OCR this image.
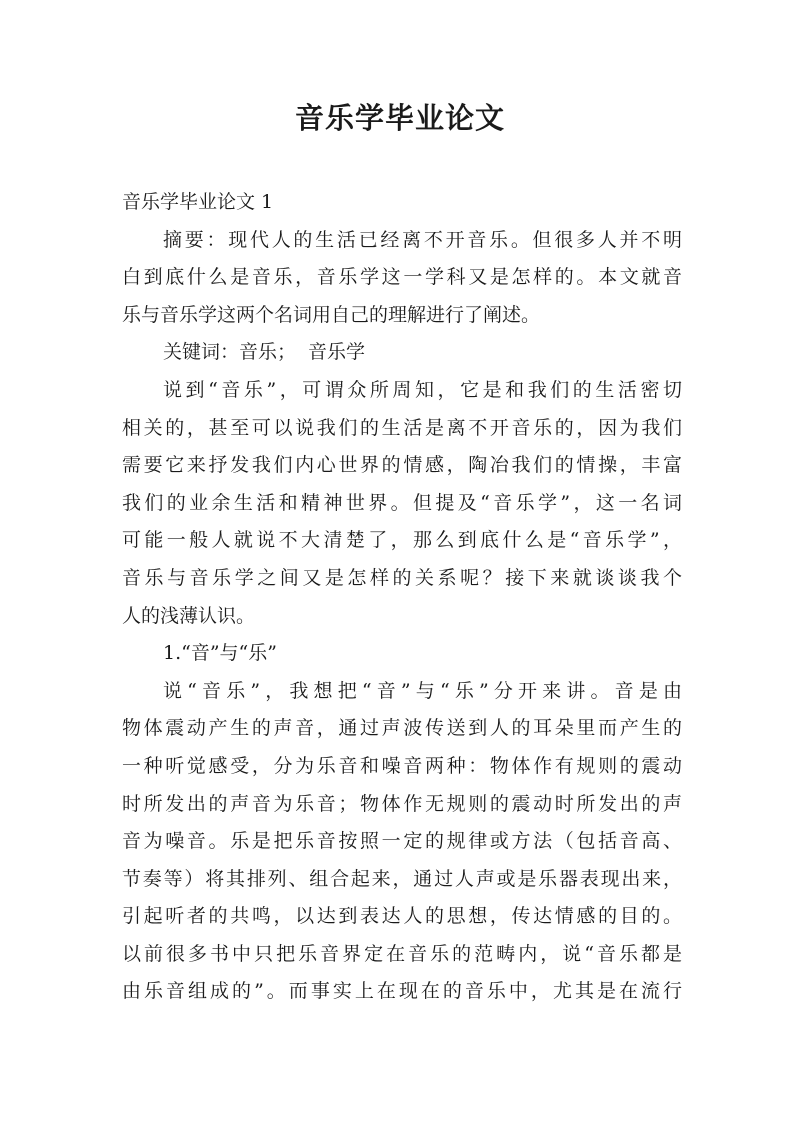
音乐学毕业论文
音乐学毕业论文 1
摘要：现代人的生活已经离不开音乐。但很多人并不明
白到底什么是音乐，音乐学这一学科又是怎样的。本文就音
乐与音乐学这两个名词用自己的理解进行了阐述。
关键词：音乐； 音乐学
说到“音乐”，可谓众所周知，它是和我们的生活密切
相关的，甚至可以说我们的生活是离不开音乐的，因为我们
需要它来抒发我们内心世界的情感，陶冶我们的情操，丰富
我们的业余生活和精神世界。但提及“音乐学”，这一名词
可能一般人就说不大清楚了，那么到底什么是“音乐学”，
音乐与音乐学之间又是怎样的关系呢？接下来就谈谈我个
人的浅薄认识。
1.“音”与“乐”
说“音乐”，我想把“音”与“乐”分开来讲。音是由
物体震动产生的声音，通过声波传送到人的耳朵里而产生的
一种听觉感受，分为乐音和噪音两种：物体作有规则的震动
时所发出的声音为乐音；物体作无规则的震动时所发出的声
音为噪音。乐是把乐音按照一定的规律或方法（包括音高、
节奏等）将其排列、组合起来，通过人声或是乐器表现出来，
引起听者的共鸣，以达到表达人的思想，传达情感的目的。
以前很多书中只把乐音界定在音乐的范畴内，说“音乐都是
由乐音组成的”。而事实上在现在的音乐中，尤其是在流行
